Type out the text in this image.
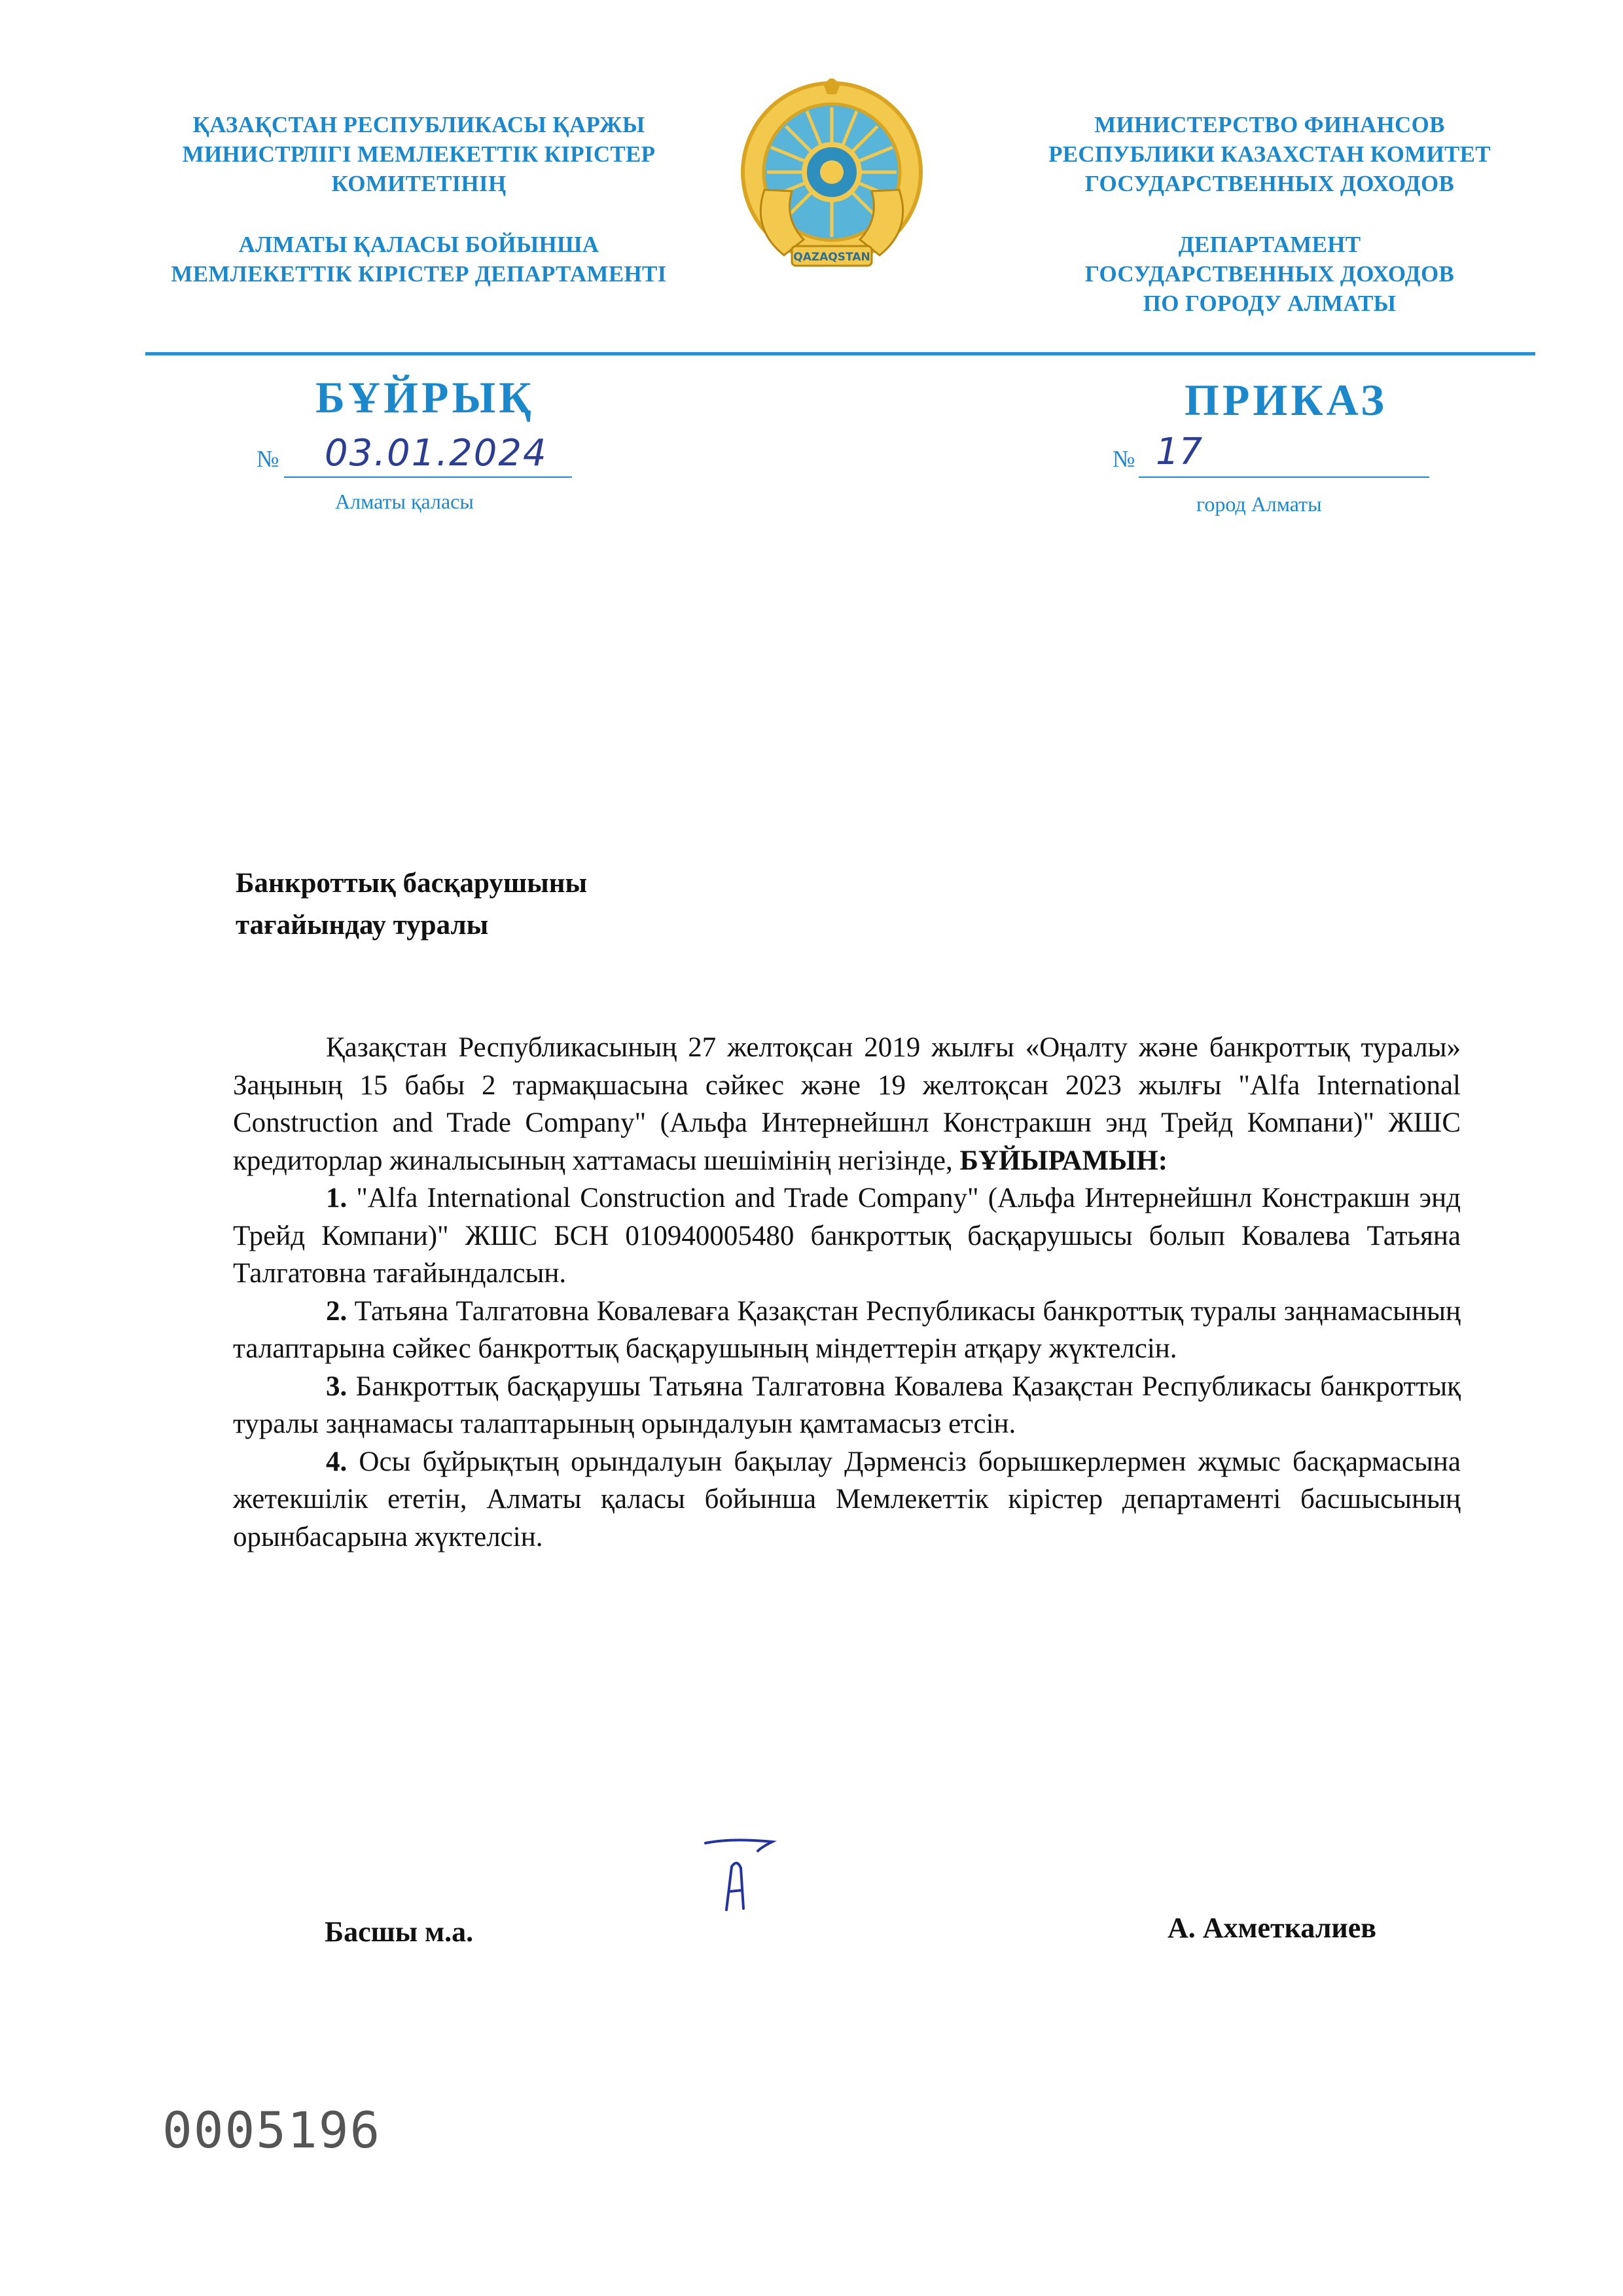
ҚАЗАҚСТАН РЕСПУБЛИКАСЫ ҚАРЖЫ
МИНИСТРЛІГІ МЕМЛЕКЕТТІК КІРІСТЕР
КОМИТЕТІНІҢ
АЛМАТЫ ҚАЛАСЫ БОЙЫНША
МЕМЛЕКЕТТІК КІРІСТЕР ДЕПАРТАМЕНТІ
QAZAQSTAN
МИНИСТЕРСТВО ФИНАНСОВ
РЕСПУБЛИКИ КАЗАХСТАН КОМИТЕТ
ГОСУДАРСТВЕННЫХ ДОХОДОВ
ДЕПАРТАМЕНТ
ГОСУДАРСТВЕННЫХ ДОХОДОВ
ПО ГОРОДУ АЛМАТЫ
БҰЙРЫҚ	ПРИКАЗ
№ 03.01.2024	№ 17
Алматы қаласы	город Алматы
Банкроттық басқарушыны
тағайындау туралы

Қазақстан Республикасының 27 желтоқсан 2019 жылғы «Оңалту және банкроттық туралы» Заңының 15 бабы 2 тармақшасына сәйкес және 19 желтоқсан 2023 жылғы "Alfa International Construction and Trade Company" (Альфа Интернейшнл Констракшн энд Трейд Компани)" ЖШС кредиторлар жиналысының хаттамасы шешімінің негізінде, БҰЙЫРАМЫН:

1. "Alfa International Construction and Trade Company" (Альфа Интернейшнл Констракшн энд Трейд Компани)" ЖШС БСН 010940005480 банкроттық басқарушысы болып Ковалева Татьяна Талгатовна тағайындалсын.

2. Татьяна Талгатовна Ковалеваға Қазақстан Республикасы банкроттық туралы заңнамасының талаптарына сәйкес банкроттық басқарушының міндеттерін атқару жүктелсін.

3. Банкроттық басқарушы Татьяна Талгатовна Ковалева Қазақстан Республикасы банкроттық туралы заңнамасы талаптарының орындалуын қамтамасыз етсін.

4. Осы бұйрықтың орындалуын бақылау Дәрменсіз борышкерлермен жұмыс басқармасына жетекшілік ететін, Алматы қаласы бойынша Мемлекеттік кірістер департаменті басшысының орынбасарына жүктелсін.

Басшы м.а.	А. Ахметкалиев
0005196
